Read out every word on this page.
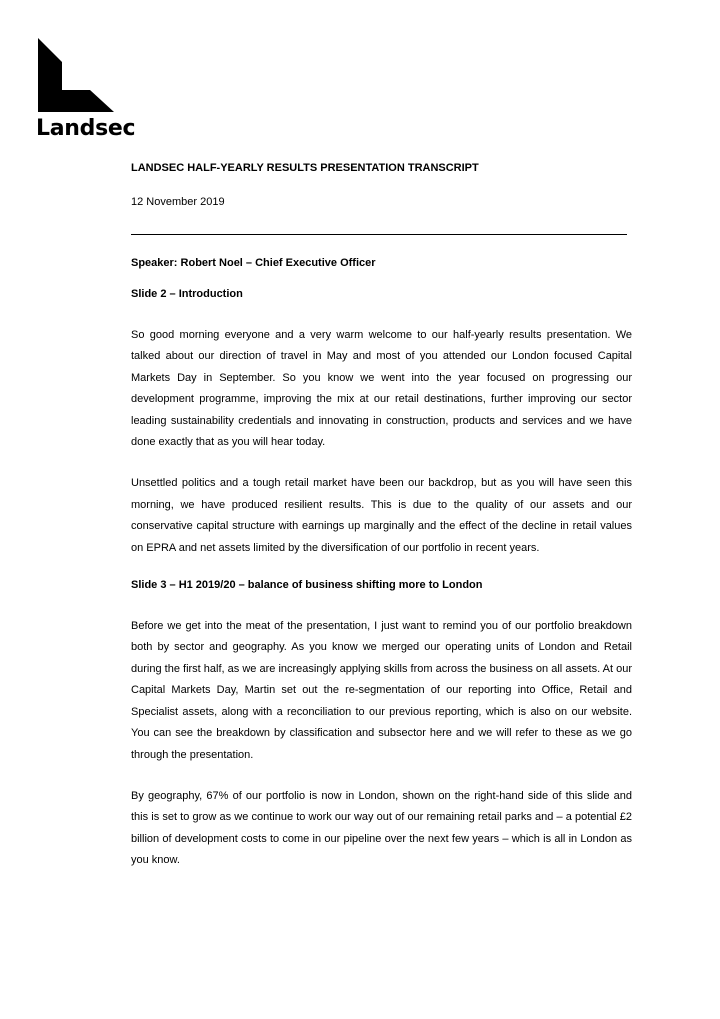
Landsec

LANDSEC HALF-YEARLY RESULTS PRESENTATION TRANSCRIPT

12 November 2019

Speaker: Robert Noel – Chief Executive Officer

Slide 2 – Introduction

So good morning everyone and a very warm welcome to our half-yearly results presentation. We talked about our direction of travel in May and most of you attended our London focused Capital Markets Day in September. So you know we went into the year focused on progressing our development programme, improving the mix at our retail destinations, further improving our sector leading sustainability credentials and innovating in construction, products and services and we have done exactly that as you will hear today.

Unsettled politics and a tough retail market have been our backdrop, but as you will have seen this morning, we have produced resilient results. This is due to the quality of our assets and our conservative capital structure with earnings up marginally and the effect of the decline in retail values on EPRA and net assets limited by the diversification of our portfolio in recent years.

Slide 3 – H1 2019/20 – balance of business shifting more to London

Before we get into the meat of the presentation, I just want to remind you of our portfolio breakdown both by sector and geography. As you know we merged our operating units of London and Retail during the first half, as we are increasingly applying skills from across the business on all assets. At our Capital Markets Day, Martin set out the re-segmentation of our reporting into Office, Retail and Specialist assets, along with a reconciliation to our previous reporting, which is also on our website. You can see the breakdown by classification and subsector here and we will refer to these as we go through the presentation.

By geography, 67% of our portfolio is now in London, shown on the right-hand side of this slide and this is set to grow as we continue to work our way out of our remaining retail parks and – a potential £2 billion of development costs to come in our pipeline over the next few years – which is all in London as you know.
